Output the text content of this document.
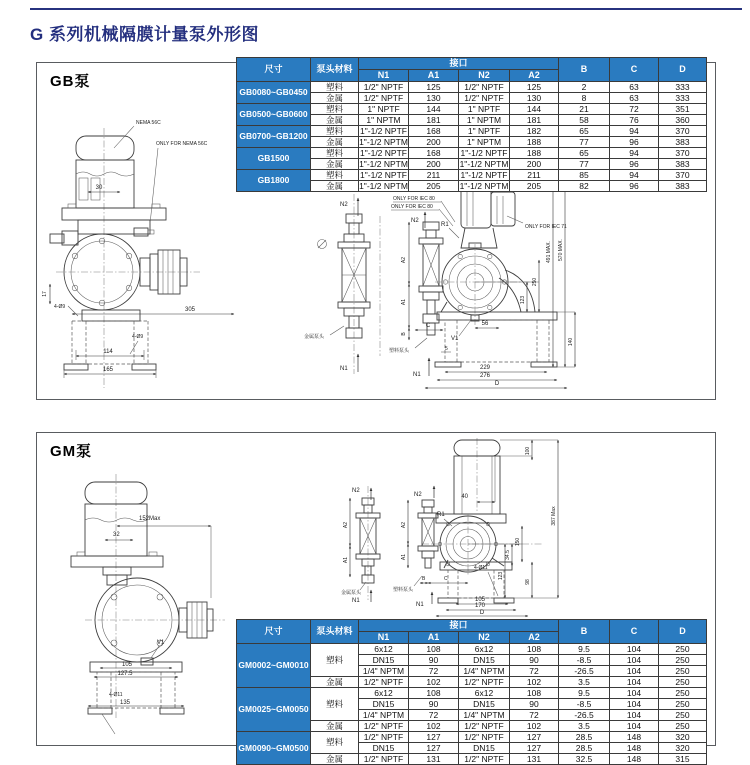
G 系列机械隔膜计量泵外形图
GB泵
GM泵
30
NEMA 56C
ONLY FOR NEMA 56C
17
4-Ø9	305
4-Ø9
114
165
N2
金属泵头
N1
ONLY FOR IEC 80
ONLY FOR IEC 80
N2
A2
A1
B
塑料泵头
N1
R1	ONLY FOR IEC 71
V1
56
C
5
123
250
491 MAX. 570 MAX.
140
229
276
D
152Max
32
V1
105
127.5
4-Ø11
135
N2
A2
A1
金属泵头
N1
40
R1
N2
A2
A1
B	C
塑料泵头
N1
4-Ø11
100
387 Max
150
34.5
123
98
105
170
D
尺寸	泵头材料	接口				B	C	D
		N1	A1	N2	A2			
GB0080~GB0450	塑料	1/2" NPTF	125	1/2" NPTF	125	2	63	333
	金属	1/2" NPTF	130	1/2" NPTF	130	8	63	333
GB0500~GB0600	塑料	1" NPTF	144	1" NPTF	144	21	72	351
	金属	1" NPTM	181	1" NPTM	181	58	76	360
GB0700~GB1200	塑料	1"-1/2 NPTF	168	1" NPTF	182	65	94	370
	金属	1"-1/2 NPTM	200	1" NPTM	188	77	96	383
GB1500	塑料	1"-1/2 NPTF	168	1"-1/2 NPTF	188	65	94	370
	金属	1"-1/2 NPTM	200	1"-1/2 NPTM	200	77	96	383
GB1800	塑料	1"-1/2 NPTF	211	1"-1/2 NPTF	211	85	94	370
	金属	1"-1/2 NPTM	205	1"-1/2 NPTM	205	82	96	383
尺寸	泵头材料	接口				B	C	D
		N1	A1	N2	A2			
GM0002~GM0010	塑料	6x12	108	6x12	108	9.5	104	250
		DN15	90	DN15	90	-8.5	104	250
		1/4" NPTM	72	1/4" NPTM	72	-26.5	104	250
	金属	1/2" NPTF	102	1/2" NPTF	102	3.5	104	250
GM0025~GM0050	塑料	6x12	108	6x12	108	9.5	104	250
		DN15	90	DN15	90	-8.5	104	250
		1/4" NPTM	72	1/4" NPTM	72	-26.5	104	250
	金属	1/2" NPTF	102	1/2" NPTF	102	3.5	104	250
GM0090~GM0500	塑料	1/2" NPTF	127	1/2" NPTF	127	28.5	148	320
		DN15	127	DN15	127	28.5	148	320
	金属	1/2" NPTF	131	1/2" NPTF	131	32.5	148	315
